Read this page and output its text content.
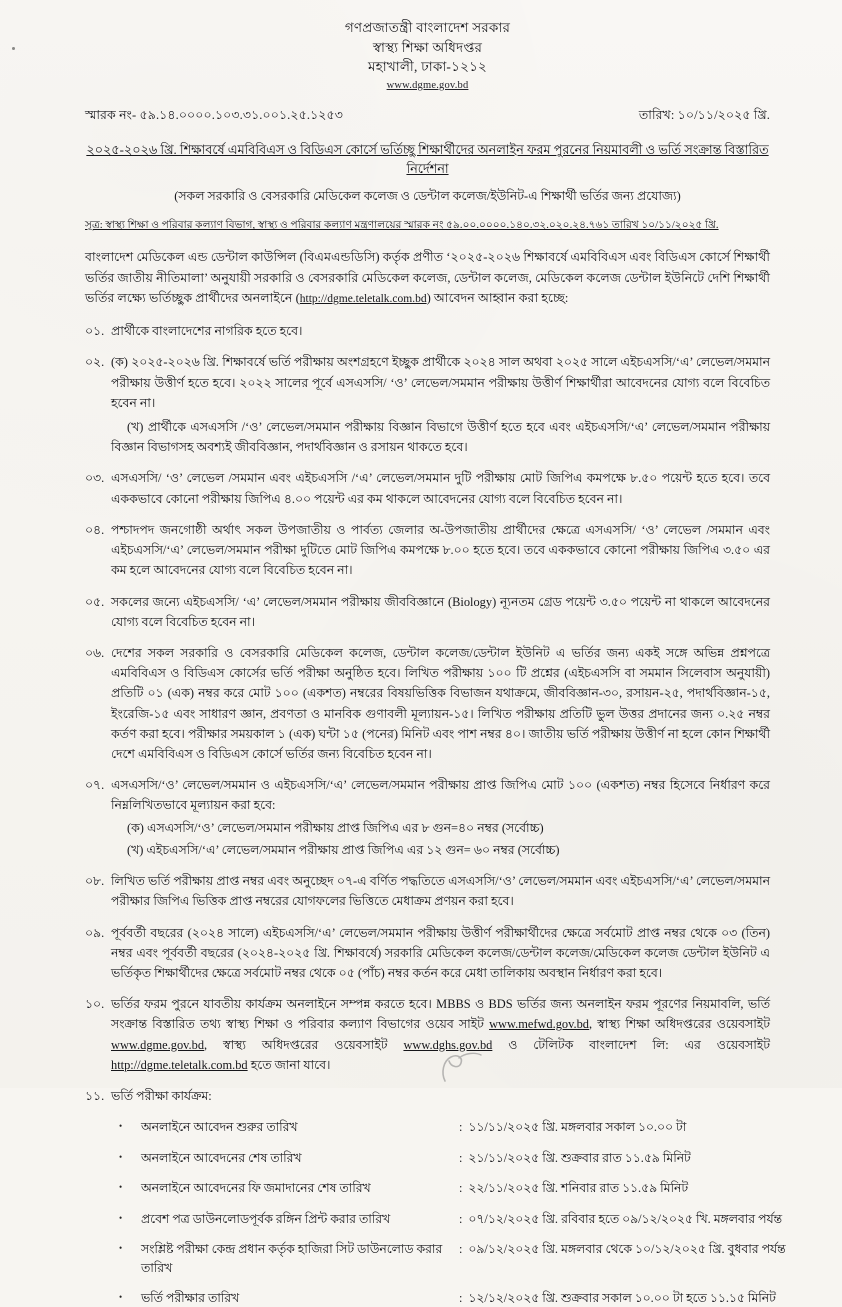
গণপ্রজাতন্ত্রী বাংলাদেশ সরকার
স্বাস্থ্য শিক্ষা অধিদপ্তর
মহাখালী, ঢাকা-১২১২
www.dgme.gov.bd
স্মারক নং- ৫৯.১৪.০০০০.১০৩.৩১.০০১.২৫.১২৫৩	তারিখ: ১০/১১/২০২৫ খ্রি.
২০২৫-২০২৬ খ্রি. শিক্ষাবর্ষে এমবিবিএস ও বিডিএস কোর্সে ভর্তিচ্ছু শিক্ষার্থীদের অনলাইন ফরম পুরনের নিয়মাবলী ও ভর্তি সংক্রান্ত বিস্তারিত নির্দেশনা
(সকল সরকারি ও বেসরকারি মেডিকেল কলেজ ও ডেন্টাল কলেজ/ইউনিট-এ শিক্ষার্থী ভর্তির জন্য প্রযোজ্য)
সূত্র: স্বাস্থ্য শিক্ষা ও পরিবার কল্যাণ বিভাগ, স্বাস্থ্য ও পরিবার কল্যাণ মন্ত্রণালয়ের স্মারক নং ৫৯.০০.০০০০.১৪০.৩২.০২০.২৪.৭৬১ তারিখ ১০/১১/২০২৫ খ্রি.

বাংলাদেশ মেডিকেল এন্ড ডেন্টাল কাউন্সিল (বিএমএন্ডডিসি) কর্তৃক প্রণীত ‘২০২৫-২০২৬ শিক্ষাবর্ষে এমবিবিএস এবং বিডিএস কোর্সে শিক্ষার্থী ভর্তির জাতীয় নীতিমালা’ অনুযায়ী সরকারি ও বেসরকারি মেডিকেল কলেজ, ডেন্টাল কলেজ, মেডিকেল কলেজ ডেন্টাল ইউনিটে দেশি শিক্ষার্থী ভর্তির লক্ষ্যে ভর্তিচ্ছুক প্রার্থীদের অনলাইনে (http://dgme.teletalk.com.bd) আবেদন আহ্বান করা হচ্ছে:

০১. প্রার্থীকে বাংলাদেশের নাগরিক হতে হবে।
০২. (ক) ২০২৫-২০২৬ খ্রি. শিক্ষাবর্ষে ভর্তি পরীক্ষায় অংশগ্রহণে ইচ্ছুক প্রার্থীকে ২০২৪ সাল অথবা ২০২৫ সালে এইচএসসি/‘এ’ লেভেল/সমমান পরীক্ষায় উত্তীর্ণ হতে হবে। ২০২২ সালের পূর্বে এসএসসি/ ‘ও’ লেভেল/সমমান পরীক্ষায় উত্তীর্ণ শিক্ষার্থীরা আবেদনের যোগ্য বলে বিবেচিত হবেন না।
(খ) প্রার্থীকে এসএসসি /‘ও’ লেভেল/সমমান পরীক্ষায় বিজ্ঞান বিভাগে উত্তীর্ণ হতে হবে এবং এইচএসসি/‘এ’ লেভেল/সমমান পরীক্ষায় বিজ্ঞান বিভাগসহ অবশ্যই জীববিজ্ঞান, পদার্থবিজ্ঞান ও রসায়ন থাকতে হবে।
০৩. এসএসসি/ ‘ও’ লেভেল /সমমান এবং এইচএসসি /‘এ’ লেভেল/সমমান দুটি পরীক্ষায় মোট জিপিএ কমপক্ষে ৮.৫০ পয়েন্ট হতে হবে। তবে এককভাবে কোনো পরীক্ষায় জিপিএ ৪.০০ পয়েন্ট এর কম থাকলে আবেদনের যোগ্য বলে বিবেচিত হবেন না।
০৪. পশ্চাদপদ জনগোষ্ঠী অর্থাৎ সকল উপজাতীয় ও পার্বত্য জেলার অ-উপজাতীয় প্রার্থীদের ক্ষেত্রে এসএসসি/ ‘ও’ লেভেল /সমমান এবং এইচএসসি/‘এ’ লেভেল/সমমান পরীক্ষা দুটিতে মোট জিপিএ কমপক্ষে ৮.০০ হতে হবে। তবে এককভাবে কোনো পরীক্ষায় জিপিএ ৩.৫০ এর কম হলে আবেদনের যোগ্য বলে বিবেচিত হবেন না।
০৫. সকলের জন্যে এইচএসসি/ ‘এ’ লেভেল/সমমান পরীক্ষায় জীববিজ্ঞানে (Biology) ন্যূনতম গ্রেড পয়েন্ট ৩.৫০ পয়েন্ট না থাকলে আবেদনের যোগ্য বলে বিবেচিত হবেন না।
০৬. দেশের সকল সরকারি ও বেসরকারি মেডিকেল কলেজ, ডেন্টাল কলেজ/ডেন্টাল ইউনিট এ ভর্তির জন্য একই সঙ্গে অভিন্ন প্রশ্নপত্রে এমবিবিএস ও বিডিএস কোর্সের ভর্তি পরীক্ষা অনুষ্ঠিত হবে। লিখিত পরীক্ষায় ১০০ টি প্রশ্নের (এইচএসসি বা সমমান সিলেবাস অনুযায়ী) প্রতিটি ০১ (এক) নম্বর করে মোট ১০০ (একশত) নম্বরের বিষয়ভিত্তিক বিভাজন যথাক্রমে, জীববিজ্ঞান-৩০, রসায়ন-২৫, পদার্থবিজ্ঞান-১৫, ইংরেজি-১৫ এবং সাধারণ জ্ঞান, প্রবণতা ও মানবিক গুণাবলী মূল্যায়ন-১৫। লিখিত পরীক্ষায় প্রতিটি ভুল উত্তর প্রদানের জন্য ০.২৫ নম্বর কর্তণ করা হবে। পরীক্ষার সময়কাল ১ (এক) ঘন্টা ১৫ (পনের) মিনিট এবং পাশ নম্বর ৪০। জাতীয় ভর্তি পরীক্ষায় উত্তীর্ণ না হলে কোন শিক্ষার্থী দেশে এমবিবিএস ও বিডিএস কোর্সে ভর্তির জন্য বিবেচিত হবেন না।
০৭. এসএসসি/‘ও’ লেভেল/সমমান ও এইচএসসি/‘এ’ লেভেল/সমমান পরীক্ষায় প্রাপ্ত জিপিএ মোট ১০০ (একশত) নম্বর হিসেবে নির্ধারণ করে নিম্নলিখিতভাবে মূল্যায়ন করা হবে:
(ক) এসএসসি/‘ও’ লেভেল/সমমান পরীক্ষায় প্রাপ্ত জিপিএ এর ৮ গুন=৪০ নম্বর (সর্বোচ্চ)
(খ) এইচএসসি/‘এ’ লেভেল/সমমান পরীক্ষায় প্রাপ্ত জিপিএ এর ১২ গুন= ৬০ নম্বর (সর্বোচ্চ)
০৮. লিখিত ভর্তি পরীক্ষায় প্রাপ্ত নম্বর এবং অনুচ্ছেদ ০৭-এ বর্ণিত পদ্ধতিতে এসএসসি/‘ও’ লেভেল/সমমান এবং এইচএসসি/‘এ’ লেভেল/সমমান পরীক্ষার জিপিএ ভিত্তিক প্রাপ্ত নম্বরের যোগফলের ভিত্তিতে মেধাক্রম প্রণয়ন করা হবে।
০৯. পূর্ববর্তী বছরের (২০২৪ সালে) এইচএসসি/‘এ’ লেভেল/সমমান পরীক্ষায় উত্তীর্ণ পরীক্ষার্থীদের ক্ষেত্রে সর্বমোট প্রাপ্ত নম্বর থেকে ০৩ (তিন) নম্বর এবং পূর্ববর্তী বছরের (২০২৪-২০২৫ খ্রি. শিক্ষাবর্ষে) সরকারি মেডিকেল কলেজ/ডেন্টাল কলেজ/মেডিকেল কলেজ ডেন্টাল ইউনিট এ ভর্তিকৃত শিক্ষার্থীদের ক্ষেত্রে সর্বমোট নম্বর থেকে ০৫ (পাঁচ) নম্বর কর্তন করে মেধা তালিকায় অবস্থান নির্ধারণ করা হবে।
১০. ভর্তির ফরম পুরনে যাবতীয় কার্যক্রম অনলাইনে সম্পন্ন করতে হবে। MBBS ও BDS ভর্তির জন্য অনলাইন ফরম পূরণের নিয়মাবলি, ভর্তি সংক্রান্ত বিস্তারিত তথ্য স্বাস্থ্য শিক্ষা ও পরিবার কল্যাণ বিভাগের ওয়েব সাইট www.mefwd.gov.bd, স্বাস্থ্য শিক্ষা অধিদপ্তরের ওয়েবসাইট www.dgme.gov.bd, স্বাস্থ্য অধিদপ্তরের ওয়েবসাইট www.dghs.gov.bd ও টেলিটক বাংলাদেশ লি: এর ওয়েবসাইট http://dgme.teletalk.com.bd হতে জানা যাবে।
১১. ভর্তি পরীক্ষা কার্যক্রম:
•	অনলাইনে আবেদন শুরুর তারিখ	: ১১/১১/২০২৫ খ্রি. মঙ্গলবার সকাল ১০.০০ টা
•	অনলাইনে আবেদনের শেষ তারিখ	: ২১/১১/২০২৫ খ্রি. শুক্রবার রাত ১১.৫৯ মিনিট
•	অনলাইনে আবেদনের ফি জমাদানের শেষ তারিখ	: ২২/১১/২০২৫ খ্রি. শনিবার রাত ১১.৫৯ মিনিট
•	প্রবেশ পত্র ডাউনলোডপূর্বক রঙ্গিন প্রিন্ট করার তারিখ	: ০৭/১২/২০২৫ খ্রি. রবিবার হতে ০৯/১২/২০২৫ খি. মঙ্গলবার পর্যন্ত
•	সংশ্লিষ্ট পরীক্ষা কেন্দ্র প্রধান কর্তৃক হাজিরা সিট ডাউনলোড করার তারিখ
: ০৯/১২/২০২৫ খ্রি. মঙ্গলবার থেকে ১০/১২/২০২৫ খ্রি. বুধবার পর্যন্ত
•	ভর্তি পরীক্ষার তারিখ	: ১২/১২/২০২৫ খ্রি. শুক্রবার সকাল ১০.০০ টা হতে ১১.১৫ মিনিট
